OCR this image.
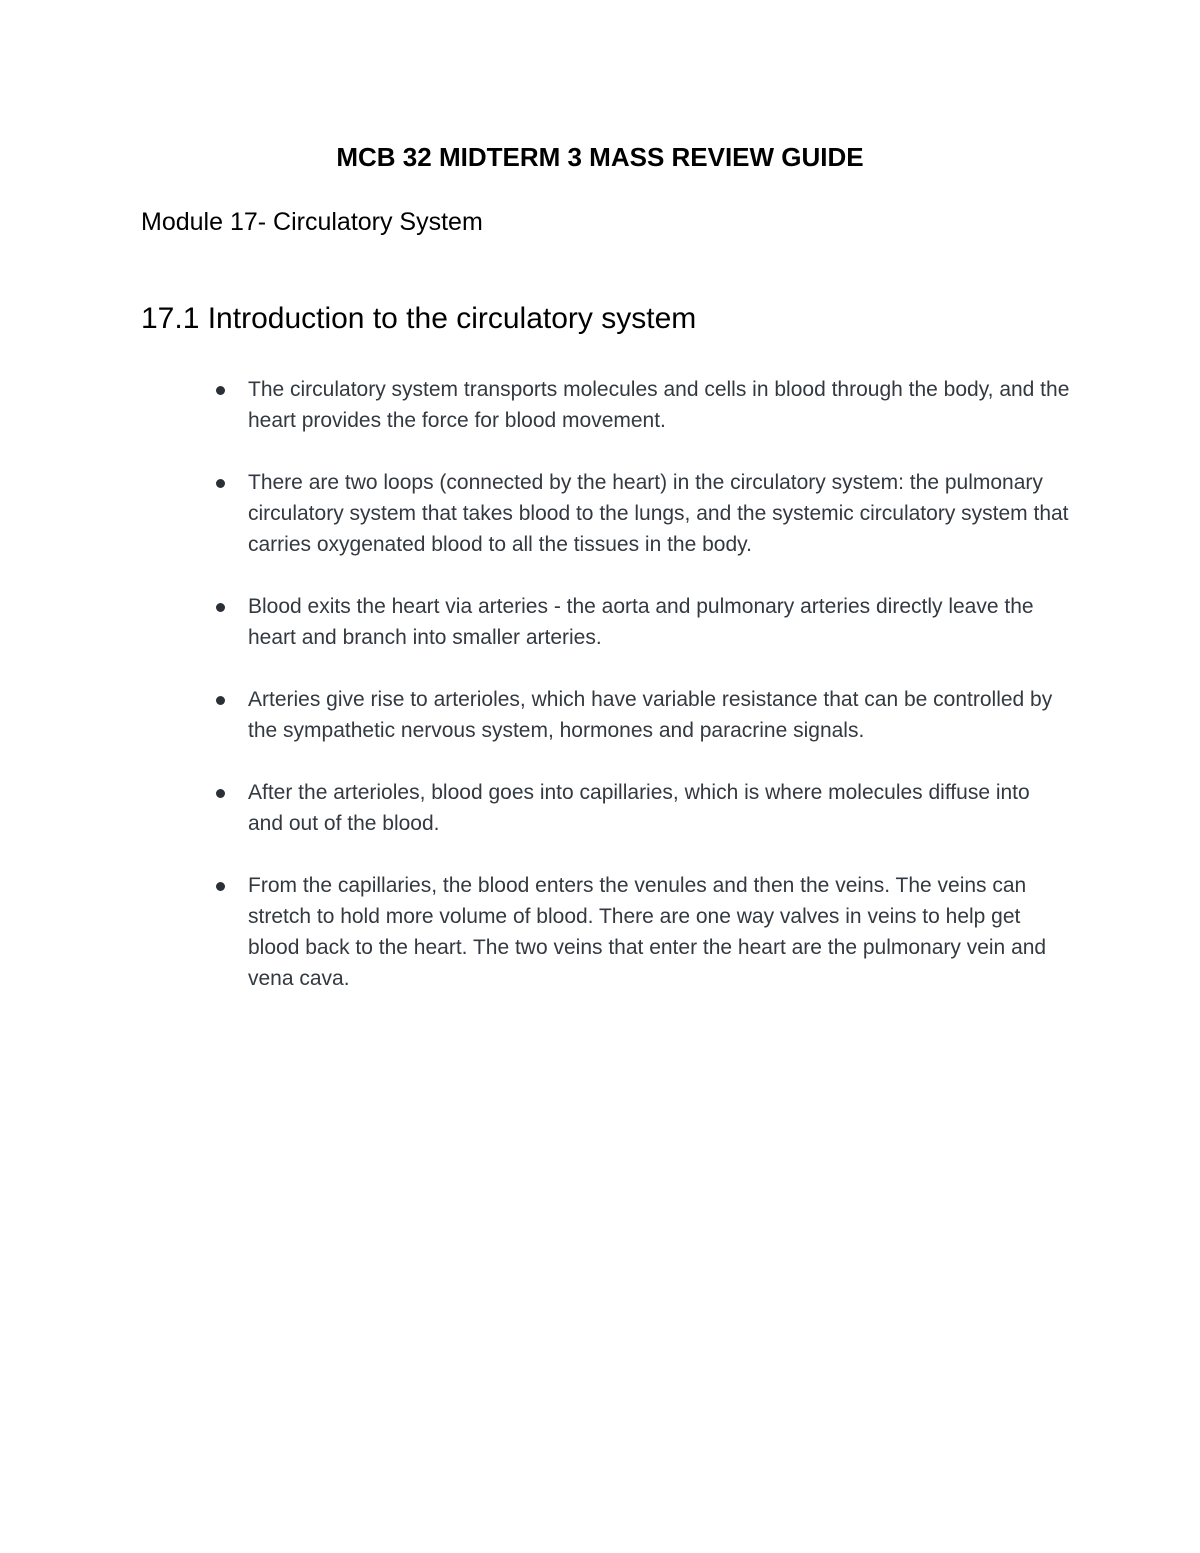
MCB 32 MIDTERM 3 MASS REVIEW GUIDE
Module 17- Circulatory System
17.1 Introduction to the circulatory system
The circulatory system transports molecules and cells in blood through the body, and the heart provides the force for blood movement.
There are two loops (connected by the heart) in the circulatory system: the pulmonary circulatory system that takes blood to the lungs, and the systemic circulatory system that carries oxygenated blood to all the tissues in the body.
Blood exits the heart via arteries - the aorta and pulmonary arteries directly leave the heart and branch into smaller arteries.
Arteries give rise to arterioles, which have variable resistance that can be controlled by the sympathetic nervous system, hormones and paracrine signals.
After the arterioles, blood goes into capillaries, which is where molecules diffuse into and out of the blood.
From the capillaries, the blood enters the venules and then the veins. The veins can stretch to hold more volume of blood. There are one way valves in veins to help get blood back to the heart. The two veins that enter the heart are the pulmonary vein and vena cava.
